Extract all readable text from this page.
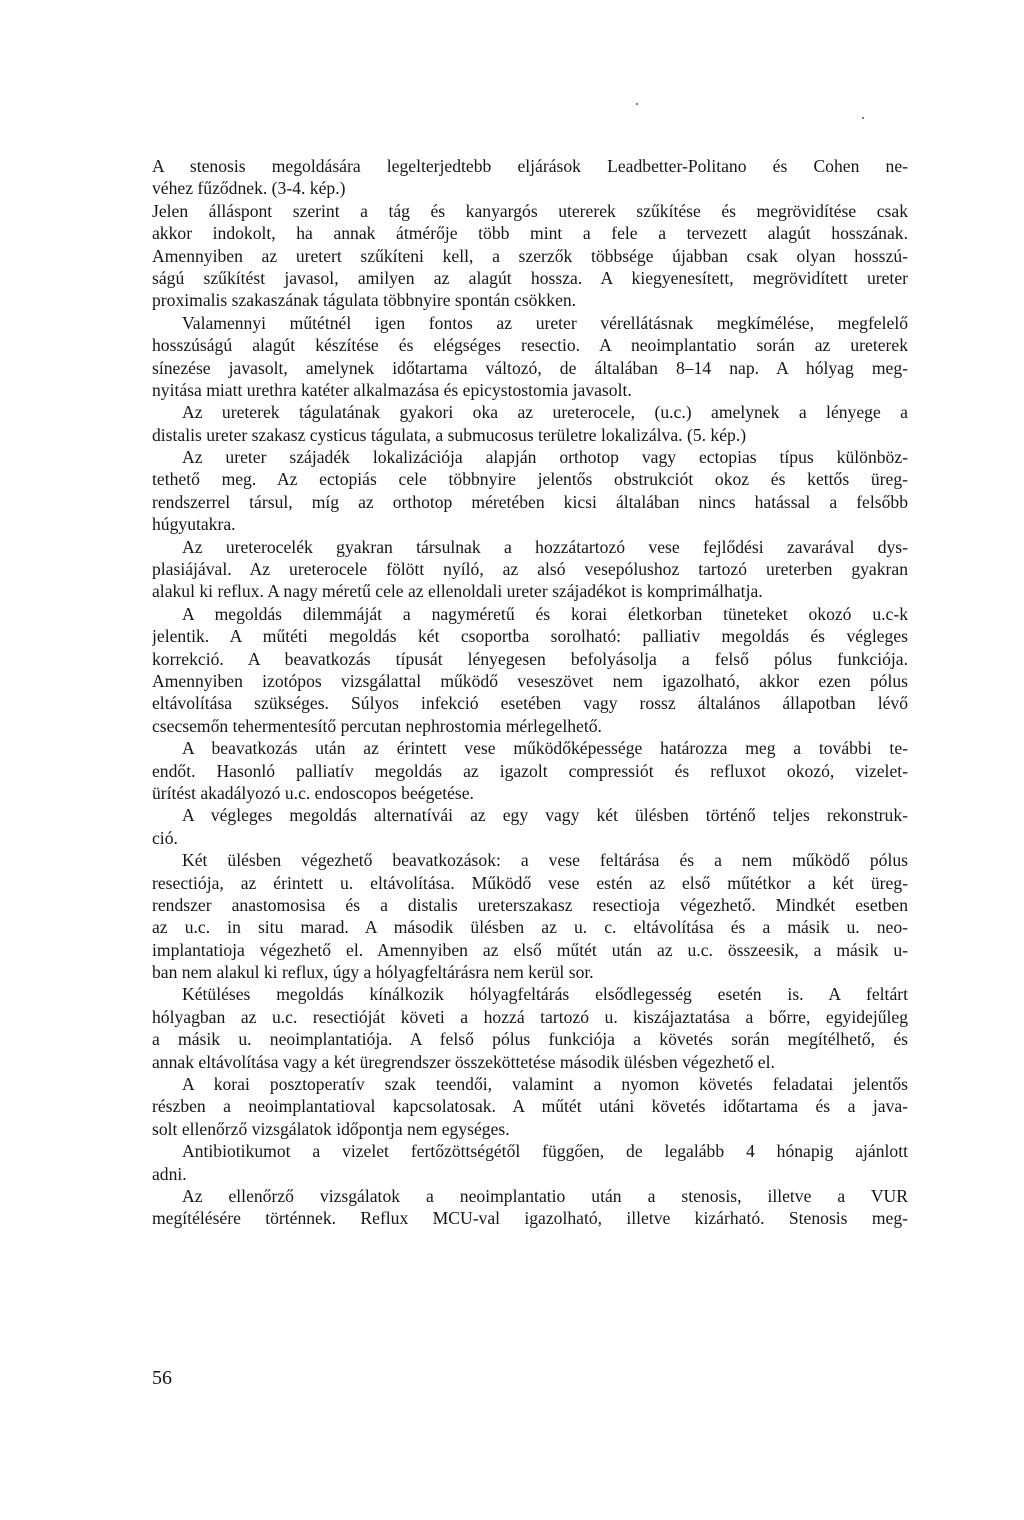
A stenosis megoldására legelterjedtebb eljárások Leadbetter-Politano és Cohen ne-
véhez fűződnek. (3-4. kép.)
Jelen álláspont szerint a tág és kanyargós utererek szűkítése és megrövidítése csak
akkor indokolt, ha annak átmérője több mint a fele a tervezett alagút hosszának.
Amennyiben az uretert szűkíteni kell, a szerzők többsége újabban csak olyan hosszú-
ságú szűkítést javasol, amilyen az alagút hossza. A kiegyenesített, megrövidített ureter
proximalis szakaszának tágulata többnyire spontán csökken.
Valamennyi műtétnél igen fontos az ureter vérellátásnak megkímélése, megfelelő
hosszúságú alagút készítése és elégséges resectio. A neoimplantatio során az ureterek
sínezése javasolt, amelynek időtartama változó, de általában 8–14 nap. A hólyag meg-
nyitása miatt urethra katéter alkalmazása és epicystostomia javasolt.
Az ureterek tágulatának gyakori oka az ureterocele, (u.c.) amelynek a lényege a
distalis ureter szakasz cysticus tágulata, a submucosus területre lokalizálva. (5. kép.)
Az ureter szájadék lokalizációja alapján orthotop vagy ectopias típus különböz-
tethető meg. Az ectopiás cele többnyire jelentős obstrukciót okoz és kettős üreg-
rendszerrel társul, míg az orthotop méretében kicsi általában nincs hatással a felsőbb
húgyutakra.
Az ureterocelék gyakran társulnak a hozzátartozó vese fejlődési zavarával dys-
plasiájával. Az ureterocele fölött nyíló, az alsó vesepólushoz tartozó ureterben gyakran
alakul ki reflux. A nagy méretű cele az ellenoldali ureter szájadékot is komprimálhatja.
A megoldás dilemmáját a nagyméretű és korai életkorban tüneteket okozó u.c-k
jelentik. A műtéti megoldás két csoportba sorolható: palliativ megoldás és végleges
korrekció. A beavatkozás típusát lényegesen befolyásolja a felső pólus funkciója.
Amennyiben izotópos vizsgálattal működő veseszövet nem igazolható, akkor ezen pólus
eltávolítása szükséges. Súlyos infekció esetében vagy rossz általános állapotban lévő
csecsemőn tehermentesítő percutan nephrostomia mérlegelhető.
A beavatkozás után az érintett vese működőképessége határozza meg a további te-
endőt. Hasonló palliatív megoldás az igazolt compressiót és refluxot okozó, vizelet-
ürítést akadályozó u.c. endoscopos beégetése.
A végleges megoldás alternatívái az egy vagy két ülésben történő teljes rekonstruk-
ció.
Két ülésben végezhető beavatkozások: a vese feltárása és a nem működő pólus
resectiója, az érintett u. eltávolítása. Működő vese estén az első műtétkor a két üreg-
rendszer anastomosisa és a distalis ureterszakasz resectioja végezhető. Mindkét esetben
az u.c. in situ marad. A második ülésben az u. c. eltávolítása és a másik u. neo-
implantatioja végezhető el. Amennyiben az első műtét után az u.c. összeesik, a másik u-
ban nem alakul ki reflux, úgy a hólyagfeltárásra nem kerül sor.
Kétüléses megoldás kínálkozik hólyagfeltárás elsődlegesség esetén is. A feltárt
hólyagban az u.c. resectióját követi a hozzá tartozó u. kiszájaztatása a bőrre, egyidejűleg
a másik u. neoimplantatiója. A felső pólus funkciója a követés során megítélhető, és
annak eltávolítása vagy a két üregrendszer összeköttetése második ülésben végezhető el.
A korai posztoperatív szak teendői, valamint a nyomon követés feladatai jelentős
részben a neoimplantatioval kapcsolatosak. A műtét utáni követés időtartama és a java-
solt ellenőrző vizsgálatok időpontja nem egységes.
Antibiotikumot a vizelet fertőzöttségétől függően, de legalább 4 hónapig ajánlott
adni.
Az ellenőrző vizsgálatok a neoimplantatio után a stenosis, illetve a VUR
megítélésére történnek. Reflux MCU-val igazolható, illetve kizárható. Stenosis meg-
56
